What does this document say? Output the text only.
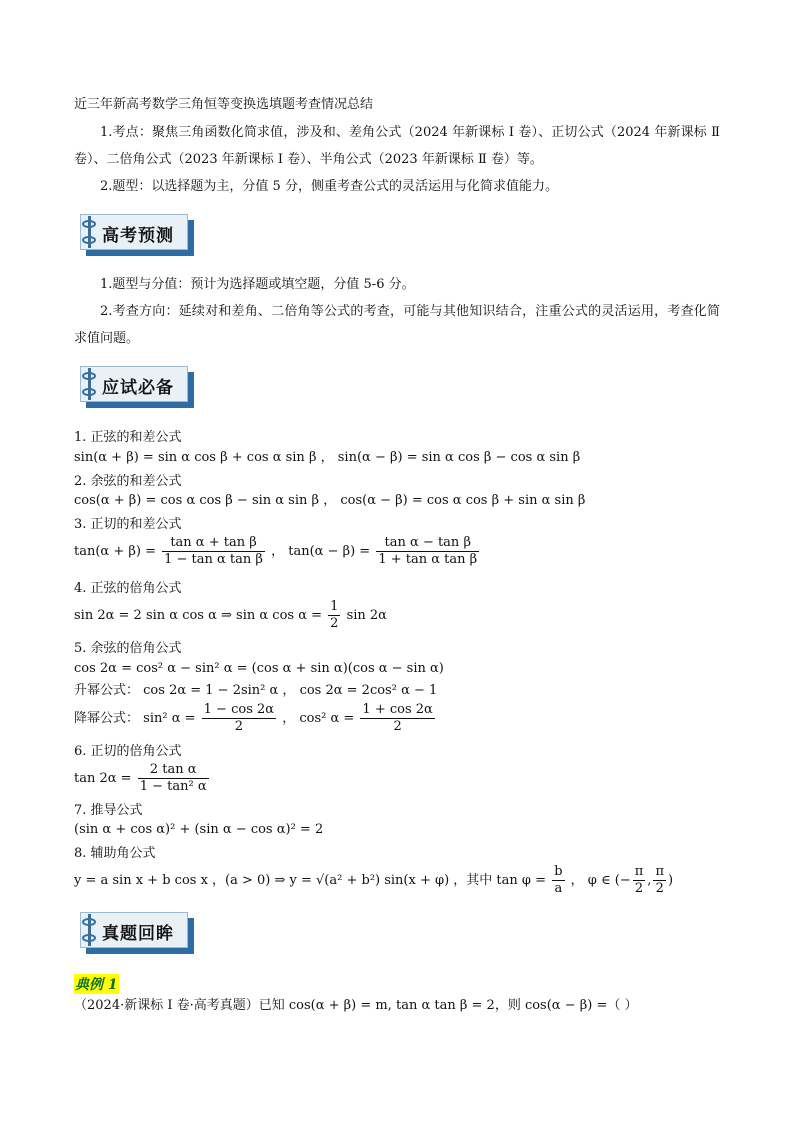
近三年新高考数学三角恒等变换选填题考查情况总结
1.考点：聚焦三角函数化简求值，涉及和、差角公式（2024 年新课标 Ⅰ 卷）、正切公式（2024 年新课标 Ⅱ 卷）、二倍角公式（2023 年新课标 Ⅰ 卷）、半角公式（2023 年新课标 Ⅱ 卷）等。
2.题型：以选择题为主，分值 5 分，侧重考查公式的灵活运用与化简求值能力。
高考预测
1.题型与分值：预计为选择题或填空题，分值 5-6 分。
2.考查方向：延续对和差角、二倍角等公式的考查，可能与其他知识结合，注重公式的灵活运用，考查化简求值问题。
应试必备
1. 正弦的和差公式
sin(α + β) = sin α cos β + cos α sin β ， sin(α − β) = sin α cos β − cos α sin β
2. 余弦的和差公式
cos(α + β) = cos α cos β − sin α sin β ， cos(α − β) = cos α cos β + sin α sin β
3. 正切的和差公式
$\tan(\alpha + \beta) = \frac{\text{tan α + tan β}}{\text{1 − tan α tan β}}$ ， $\tan(\alpha - \beta) = \frac{\text{tan α − tan β}}{\text{1 + tan α tan β}}$
4. 正弦的倍角公式
sin 2α = 2 sin α cos α ⇒ sin α $\cos \alpha = \frac{1}{2}$ sin 2α
5. 余弦的倍角公式
cos 2α = cos² α − sin² α = (cos α + sin α)(cos α − sin α)
升幂公式： cos 2α = 1 − 2sin² α ， cos 2α = 2cos² α − 1
降幂公式： sin² $\alpha = \frac{1 - \cos 2\alpha}{2}$ ， cos² $\alpha = \frac{1 + \cos 2\alpha}{2}$
6. 正切的倍角公式
$\tan 2\alpha = \frac{\text{2 tan α}}{\text{1 − tan² α}}$
7. 推导公式
(sin α + cos α)² + (sin α − cos α)² = 2
8. 辅助角公式
y = a sin x + b cos x ，(a > 0) ⇒ y = √(a² + b²) sin(x + φ) ，其中 $\tan \varphi = \frac{b}{a}$ ， φ ∈ (− $\frac{\pi}{2}$ , $\frac{\pi}{2}$ )
真题回眸
典例 1
（2024·新课标 I 卷·高考真题）已知 cos(α + β) = m, tan α tan β = 2，则 cos(α − β) =（ ）
